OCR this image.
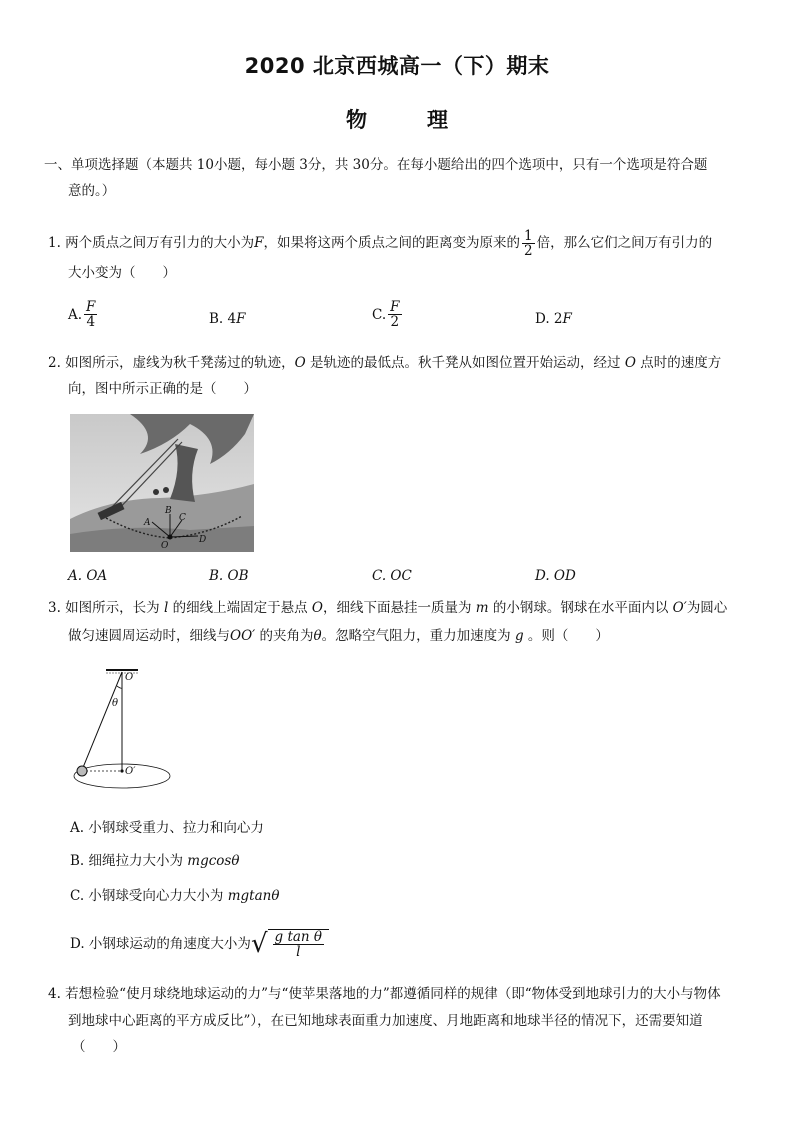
2020 北京西城高一（下）期末
物	理
一、单项选择题（本题共 10小题，每小题 3分，共 30分。在每小题给出的四个选项中，只有一个选项是符合题
意的。）
1. 两个质点之间万有引力的大小为 F ，如果将这两个质点之间的距离变为原来的 $\frac{1}{2}$ 倍，那么它们之间万有引力的
大小变为（　　）
A. $\frac{F}{4}$	B. 4F	C. $\frac{F}{2}$	D. 2F
2. 如图所示，虚线为秋千凳荡过的轨迹，O 是轨迹的最低点。秋千凳从如图位置开始运动，经过 O 点时的速度方
向，图中所示正确的是（　　）
A
B
C
D
O
A. OA	B. OB	C. OC	D. OD
3. 如图所示，长为 l 的细线上端固定于悬点 O，细线下面悬挂一质量为 m 的小钢球。钢球在水平面内以 O′为圆心
做匀速圆周运动时，细线与OO′ 的夹角为θ。忽略空气阻力，重力加速度为 g 。则（　　）
O
θ
O′
A. 小钢球受重力、拉力和向心力
B. 细绳拉力大小为 mgcosθ
C. 小钢球受向心力大小为 mgtanθ
D. 小钢球运动的角速度大小为 √ $\frac{\text{g tan θ}}{l}$
4. 若想检验“使月球绕地球运动的力”与“使苹果落地的力”都遵循同样的规律（即“物体受到地球引力的大小与物体
到地球中心距离的平方成反比”），在已知地球表面重力加速度、月地距离和地球半径的情况下，还需要知道
（　　）
